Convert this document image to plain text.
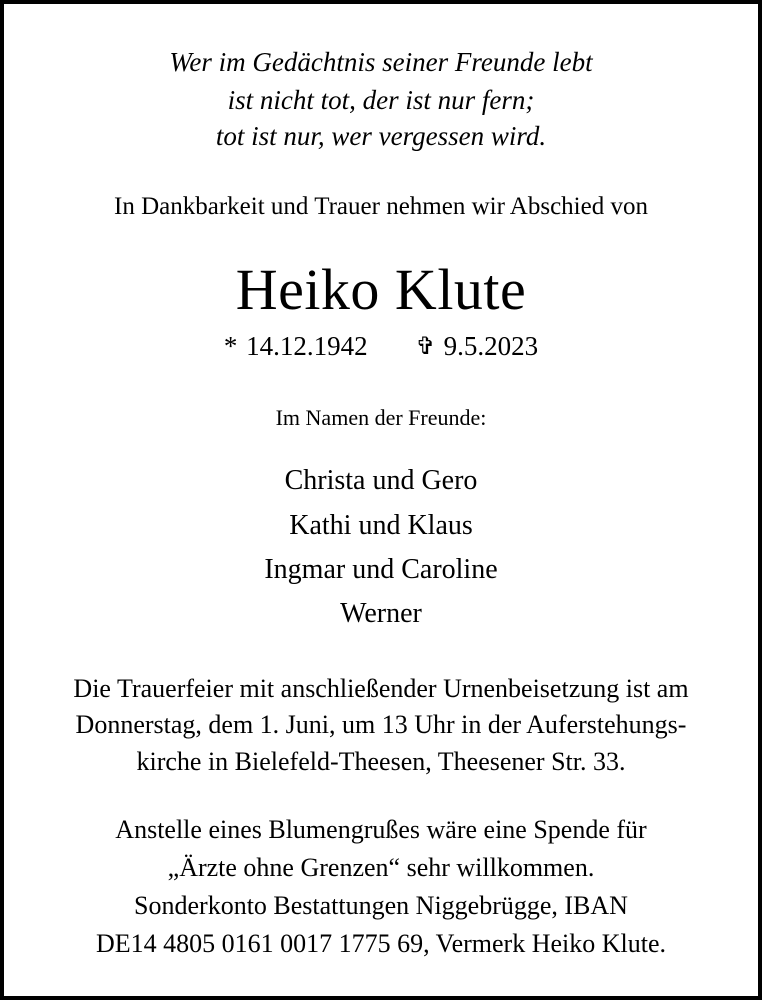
Wer im Gedächtnis seiner Freunde lebt
ist nicht tot, der ist nur fern;
tot ist nur, wer vergessen wird.
In Dankbarkeit und Trauer nehmen wir Abschied von
Heiko Klute
* 14.12.1942 ✞ 9.5.2023
Im Namen der Freunde:
Christa und Gero
Kathi und Klaus
Ingmar und Caroline
Werner
Die Trauerfeier mit anschließender Urnenbeisetzung ist am
Donnerstag, dem 1. Juni, um 13 Uhr in der Auferstehungs-
kirche in Bielefeld-Theesen, Theesener Str. 33.
Anstelle eines Blumengrußes wäre eine Spende für
„Ärzte ohne Grenzen“ sehr willkommen.
Sonderkonto Bestattungen Niggebrügge, IBAN
DE14 4805 0161 0017 1775 69, Vermerk Heiko Klute.
